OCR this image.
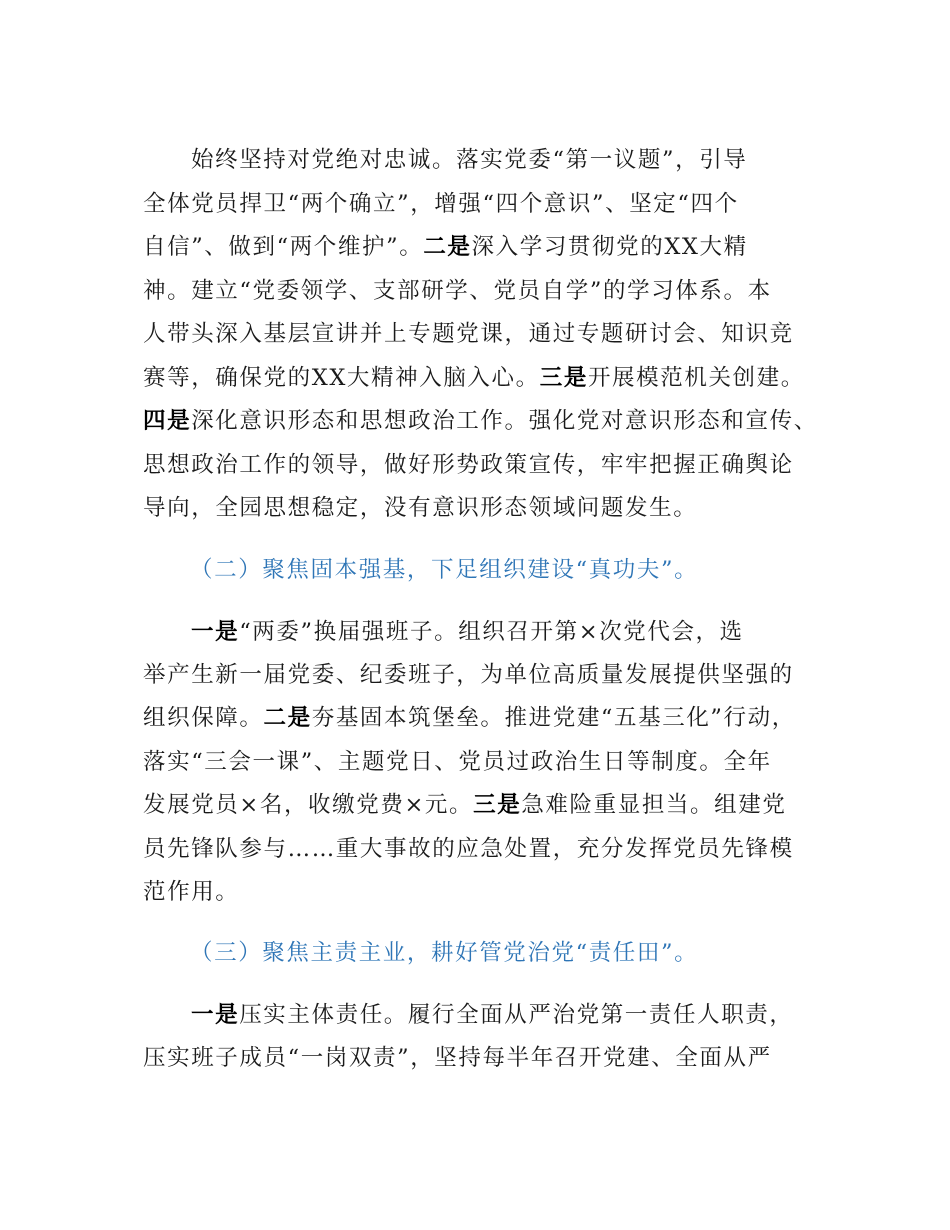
始终坚持对党绝对忠诚。落实党委“第一议题”，引导
全体党员捍卫“两个确立”，增强“四个意识”、坚定“四个
自信”、做到“两个维护”。二是深入学习贯彻党的XX大精
神。建立“党委领学、支部研学、党员自学”的学习体系。本
人带头深入基层宣讲并上专题党课，通过专题研讨会、知识竞
赛等，确保党的XX大精神入脑入心。三是开展模范机关创建。
四是深化意识形态和思想政治工作。强化党对意识形态和宣传、
思想政治工作的领导，做好形势政策宣传，牢牢把握正确舆论
导向，全园思想稳定，没有意识形态领域问题发生。
（二）聚焦固本强基，下足组织建设“真功夫”。
一是“两委”换届强班子。组织召开第×次党代会，选
举产生新一届党委、纪委班子，为单位高质量发展提供坚强的
组织保障。二是夯基固本筑堡垒。推进党建“五基三化”行动，
落实“三会一课”、主题党日、党员过政治生日等制度。全年
发展党员×名，收缴党费×元。三是急难险重显担当。组建党
员先锋队参与……重大事故的应急处置，充分发挥党员先锋模
范作用。
（三）聚焦主责主业，耕好管党治党“责任田”。
一是压实主体责任。履行全面从严治党第一责任人职责，
压实班子成员“一岗双责”，坚持每半年召开党建、全面从严
